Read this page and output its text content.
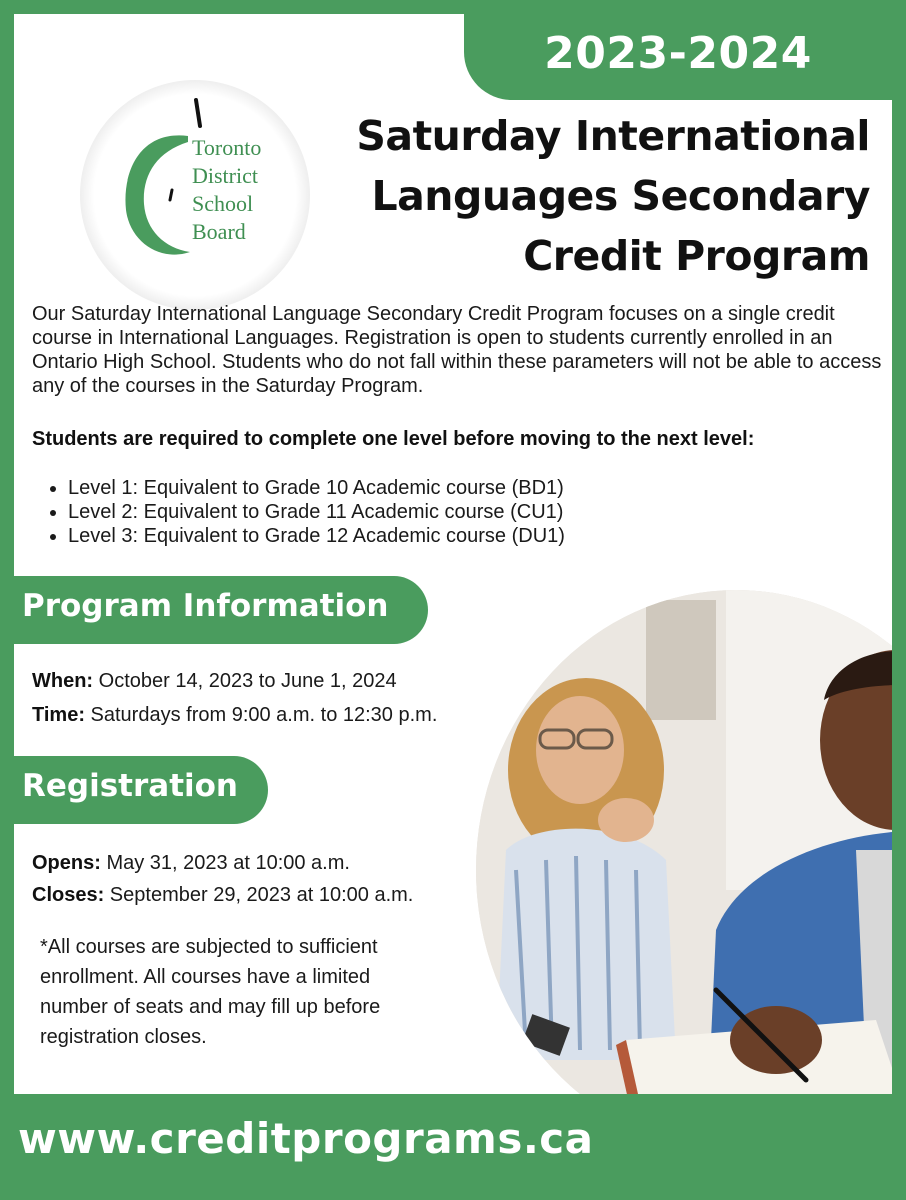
2023-2024
Toronto
District
School
Board
Saturday International
Languages Secondary
Credit Program
Our Saturday International Language Secondary Credit Program focuses on a single credit course in International Languages. Registration is open to students currently enrolled in an Ontario High School. Students who do not fall within these parameters will not be able to access any of the courses in the Saturday Program.
Students are required to complete one level before moving to the next level:
• Level 1: Equivalent to Grade 10 Academic course (BD1)
• Level 2: Equivalent to Grade 11 Academic course (CU1)
• Level 3: Equivalent to Grade 12 Academic course (DU1)
Program Information
When: October 14, 2023 to June 1, 2024
Time: Saturdays from 9:00 a.m. to 12:30 p.m.
Registration
Opens: May 31, 2023 at 10:00 a.m.
Closes: September 29, 2023 at 10:00 a.m.
*All courses are subjected to sufficient
enrollment. All courses have a limited
number of seats and may fill up before
registration closes.
www.creditprograms.ca
